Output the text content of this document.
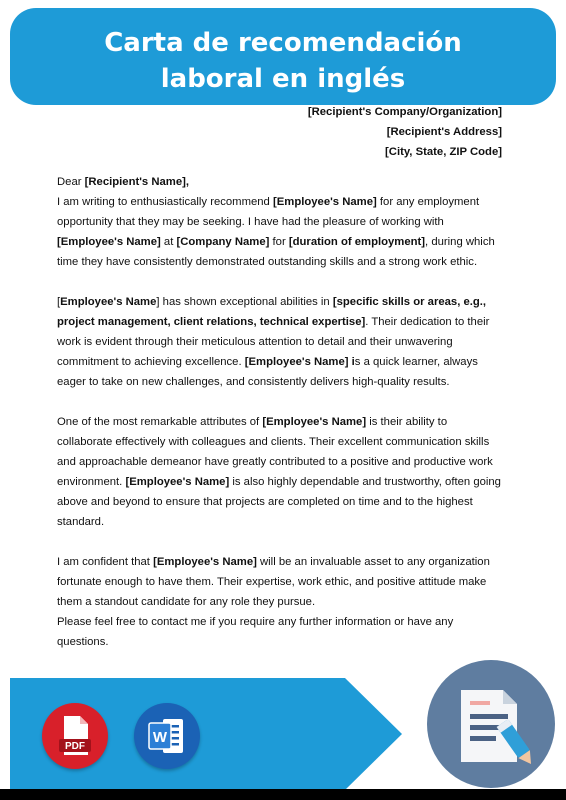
Carta de recomendación laboral en inglés
[Recipient's Company/Organization]
[Recipient's Address]
[City, State, ZIP Code]

Dear [Recipient's Name],

I am writing to enthusiastically recommend [Employee's Name] for any employment opportunity that they may be seeking. I have had the pleasure of working with [Employee's Name] at [Company Name] for [duration of employment], during which time they have consistently demonstrated outstanding skills and a strong work ethic.

[Employee's Name] has shown exceptional abilities in [specific skills or areas, e.g., project management, client relations, technical expertise]. Their dedication to their work is evident through their meticulous attention to detail and their unwavering commitment to achieving excellence. [Employee's Name] is a quick learner, always eager to take on new challenges, and consistently delivers high-quality results.

One of the most remarkable attributes of [Employee's Name] is their ability to collaborate effectively with colleagues and clients. Their excellent communication skills and approachable demeanor have greatly contributed to a positive and productive work environment. [Employee's Name] is also highly dependable and trustworthy, often going above and beyond to ensure that projects are completed on time and to the highest standard.

I am confident that [Employee's Name] will be an invaluable asset to any organization fortunate enough to have them. Their expertise, work ethic, and positive attitude make them a standout candidate for any role they pursue.

Please feel free to contact me if you require any further information or have any questions.

PDF
W
